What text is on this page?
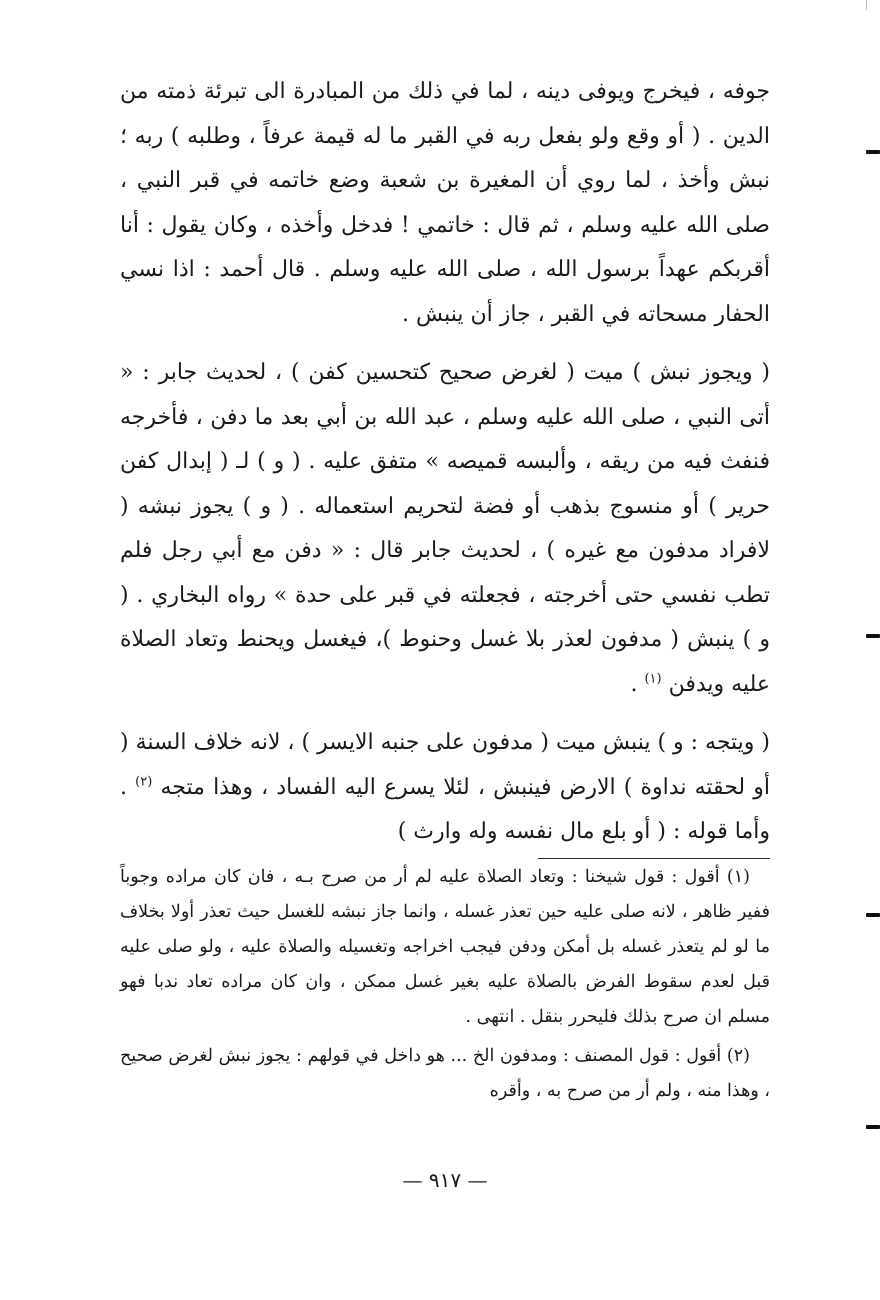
جوفه ، فيخرج ويوفى دينه ، لما في ذلك من المبادرة الى تبرئة ذمته من الدين . ( أو وقع ولو بفعل ربه في القبر ما له قيمة عرفاً ، وطلبه ) ربه ؛ نبش وأخذ ، لما روي أن المغيرة بن شعبة وضع خاتمه في قبر النبي ، صلى الله عليه وسلم ، ثم قال : خاتمي ! فدخل وأخذه ، وكان يقول : أنا أقربكم عهداً برسول الله ، صلى الله عليه وسلم . قال أحمد : اذا نسي الحفار مسحاته في القبر ، جاز أن ينبش .

( ويجوز نبش ) ميت ( لغرض صحيح كتحسين كفن ) ، لحديث جابر : « أتى النبي ، صلى الله عليه وسلم ، عبد الله بن أبي بعد ما دفن ، فأخرجه فنفث فيه من ريقه ، وألبسه قميصه » متفق عليه . ( و ) لـ ( إبدال كفن حرير ) أو منسوج بذهب أو فضة لتحريم استعماله . ( و ) يجوز نبشه ( لافراد مدفون مع غيره ) ، لحديث جابر قال : « دفن مع أبي رجل فلم تطب نفسي حتى أخرجته ، فجعلته في قبر على حدة » رواه البخاري . ( و ) ينبش ( مدفون لعذر بلا غسل وحنوط )، فيغسل ويحنط وتعاد الصلاة عليه ويدفن $^{(١)}$ .

( ويتجه : و ) ينبش ميت ( مدفون على جنبه الايسر ) ، لانه خلاف السنة ( أو لحقته نداوة ) الارض فينبش ، لئلا يسرع اليه الفساد ، وهذا متجه $^{(٢)}$ . وأما قوله : ( أو بلع مال نفسه وله وارث )

(١) أقول : قول شيخنا : وتعاد الصلاة عليه لم أر من صرح بـه ، فان كان مراده وجوباً ففير ظاهر ، لانه صلى عليه حين تعذر غسله ، وانما جاز نبشه للغسل حيث تعذر أولا بخلاف ما لو لم يتعذر غسله بل أمكن ودفن فيجب اخراجه وتغسيله والصلاة عليه ، ولو صلى عليه قبل لعدم سقوط الفرض بالصلاة عليه بغير غسل ممكن ، وان كان مراده تعاد ندبا فهو مسلم ان صرح بذلك فليحرر بنقل . انتهى .

(٢) أقول : قول المصنف : ومدفون الخ ... هو داخل في قولهم : يجوز نبش لغرض صحيح ، وهذا منه ، ولم أر من صرح به ، وأقره

— ٩١٧ —
